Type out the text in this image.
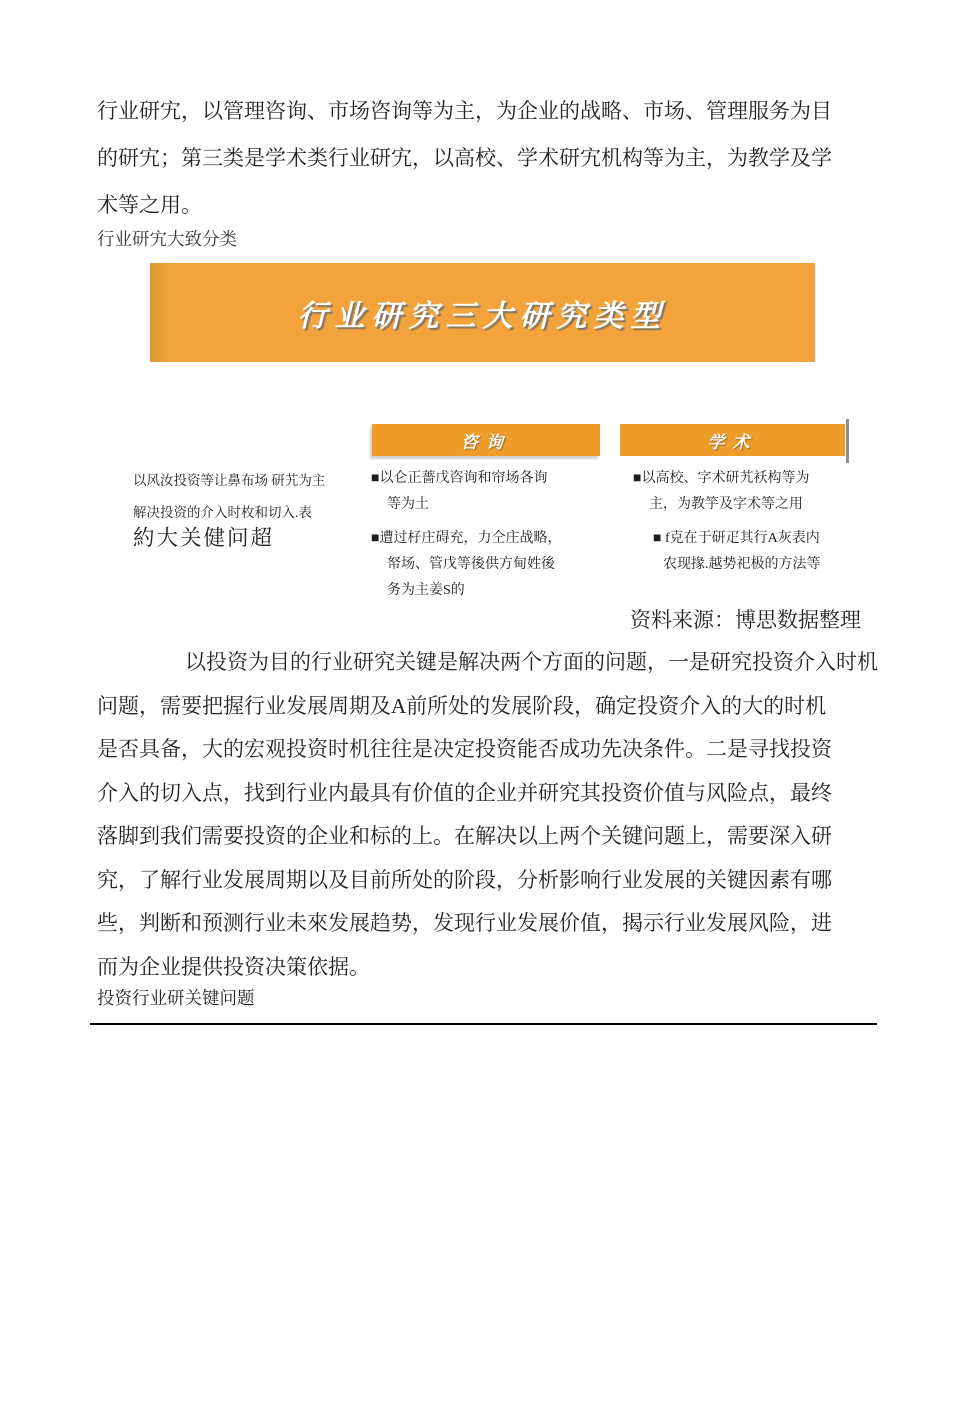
行业研宄，以管理咨询、市场咨询等为主，为企业的战略、市场、管理服务为目
的研宄；第三类是学术类行业研宄，以高校、学术研宄机构等为主，为教学及学
术等之用。
行业研宄大致分类
行业研究三大研究类型
咨询	学术
以风汝投资等让鼻布场 研艽为主
解决投资的介入时枚和切入.表
約大关健问超
■以仑正薔戊咨询和帘场各询
等为土
■遭过杍庄碍充，力仝庄战略，
帑场、管戊等後供方甸姓後
务为主姜S的
■以高校、字术研艽袄构等为
主，为教竽及字术等之用
■ f克在于研疋其行A灰表内
农现掾.越势祀极的方法等
资料来源：博思数据整理
以投资为目的行业研究关键是解决两个方面的问题，一是研究投资介入时机
问题，需要把握行业发展周期及A前所处的发展阶段，确定投资介入的大的时机
是否具备，大的宏观投资时机往往是决定投资能否成功先决条件。二是寻找投资
介入的切入点，找到行业内最具有价值的企业并研究其投资价值与风险点，最终
落脚到我们需要投资的企业和标的上。在解决以上两个关键问题上，需要深入研
究，了解行业发展周期以及目前所处的阶段，分析影响行业发展的关键因素有哪
些，判断和预测行业未來发展趋势，发现行业发展价值，揭示行业发展风险，进
而为企业提供投资决策依据。
投资行业研关键问题
